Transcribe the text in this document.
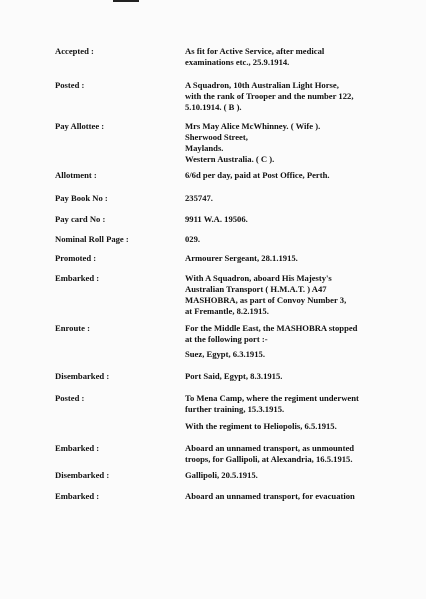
Accepted :	As fit for Active Service, after medical
examinations etc., 25.9.1914.
Posted :	A Squadron, 10th Australian Light Horse,
with the rank of Trooper and the number 122,
5.10.1914. ( B ).
Pay Allottee :	Mrs May Alice McWhinney. ( Wife ).
Sherwood Street,
Maylands.
Western Australia. ( C ).
Allotment :	6/6d per day, paid at Post Office, Perth.
Pay Book No :	235747.
Pay card No :	9911 W.A. 19506.
Nominal Roll Page :	029.
Promoted :	Armourer Sergeant, 28.1.1915.
Embarked :	With A Squadron, aboard His Majesty's
Australian Transport ( H.M.A.T. ) A47
MASHOBRA, as part of Convoy Number 3,
at Fremantle, 8.2.1915.
Enroute :	For the Middle East, the MASHOBRA stopped
at the following port :-
Suez, Egypt, 6.3.1915.
Disembarked :	Port Said, Egypt, 8.3.1915.
Posted :	To Mena Camp, where the regiment underwent
further training, 15.3.1915.
With the regiment to Heliopolis, 6.5.1915.
Embarked :	Aboard an unnamed transport, as unmounted
troops, for Gallipoli, at Alexandria, 16.5.1915.
Disembarked :	Gallipoli, 20.5.1915.
Embarked :	Aboard an unnamed transport, for evacuation
